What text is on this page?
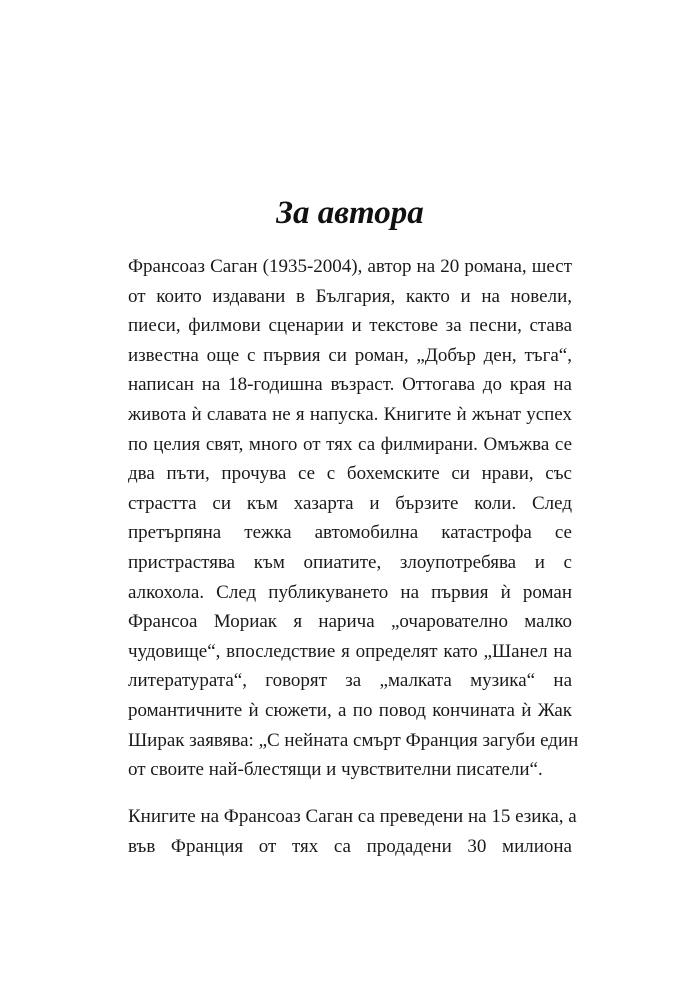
За автора

Франсоаз Саган (1935-2004), автор на 20 романа, шест
от които издавани в България, както и на новели,
пиеси, филмови сценарии и текстове за песни, става
известна още с първия си роман, „Добър ден, тъга“,
написан на 18-годишна възраст. Оттогава до края на
живота ѝ славата не я напуска. Книгите ѝ жънат успех
по целия свят, много от тях са филмирани. Омъжва се
два пъти, прочува се с бохемските си нрави, със
страстта си към хазарта и бързите коли. След
претърпяна тежка автомобилна катастрофа се
пристрастява към опиатите, злоупотребява и с
алкохола. След публикуването на първия ѝ роман
Франсоа Мориак я нарича „очарователно малко
чудовище“, впоследствие я определят като „Шанел на
литературата“, говорят за „малката музика“ на
романтичните ѝ сюжети, а по повод кончината ѝ Жак
Ширак заявява: „С нейната смърт Франция загуби един
от своите най-блестящи и чувствителни писатели“.

Книгите на Франсоаз Саган са преведени на 15 езика, а
във Франция от тях са продадени 30 милиона
